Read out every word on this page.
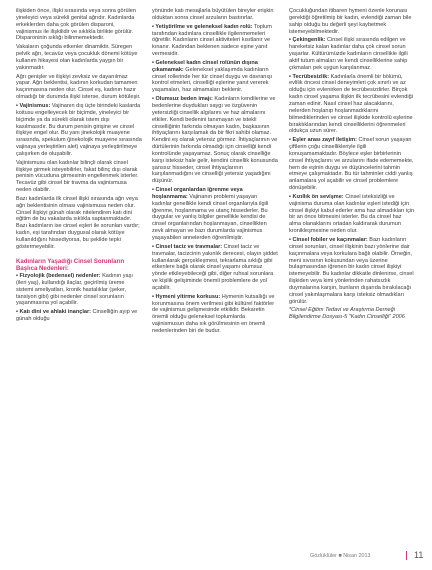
ilişkiden önce, ilişki sırasında veya sonra görülen yineleyici veya sürekli genital ağrıdır. Kadınlarda erkeklerden daha çok görülen disparoni, vajinismus ile ilişkilidir ve sıklıkla birlikte görülür. Disparoninin sıklığı bilinmemektedir.

Vakaların çoğunda etkenler dinamiktir. Süregen pelvik ağrı, tecavüz veya çocukluk dönemi kötüye kullanım hikayesi olan kadınlarda yaygın bir yakınmadır.

Ağrı genişler ve ilişkiyi zevksiz ve dayanılmaz yapar. Ağrı beklentisi, kadının korkudan tamamen kaçınmasına neden olur. Cinsel eş, kadının hazır olmadığı bir durumda ilişki isterse, durum kötüleşir.

• Vajinismus: Vajinanın dış üçte birindeki kaslarda koitusu engelleyecek bir biçimde, yineleyici bir biçimde ya da sürekli olarak istem dışı kasılmasıdır. Bu durum penisin girişine ve cinsel ilişkiye engel olur. Bu yanı jinekolojik muayene sırasında, spekulum (jinekolojik muayene sırasında vajinaya yerleştirilen alet) vajinaya yerleştirilmeye çalışırken de oluşabilir.

Vajinismusu olan kadınlar bilinçli olarak cinsel ilişkiye girmek isteyebilirler, fakat bilinç dışı olarak penisin vücuduna girmesinin engellenmek isterler. Tecavüz gibi cinsel bir travma da vajinismusa neden olabilir.

Bazı kadınlarda ilk cinsel ilişki sırasında ağrı veya ağrı beklentisinin olması vajinismusa neden olur. Cinsel ilişkiyi günah olarak nitelendiren katı dini eğitim de bu vakalarda sıklıkla saptanmaktadır. Bazı kadınların ise cinsel eşleri ile sorunları vardır; kadın, eşi tarafından duygusal olarak kötüye kullanıldığını hissediyorsa, bu şekilde tepki göstermeyebilir.

Kadınların Yaşadığı Cinsel Sorunların Başlıca Nedenleri:

• Fizyolojik (bedensel) nedenler: Kadının yaşı (ileri yaş), kullandığı ilaçlar, geçirilmiş üreme sistemi ameliyatları, kronik hastalıklar (şeker, tansiyon gibi) gibi nedenler cinsel sorunların yaşanmasına yol açabilir.

• Katı dini ve ahlaki inançlar: Cinselliğin ayıp ve günah olduğu

yönünde katı mesajlarla büyütülen bireyler erişkin olduktan sonra cinsel arzuların bastırırlar.

• Yetiştirilme ve geleneksel kadın rolü: Toplum tarafından kadınlara cinsellikle ilgilenmemeleri öğretilir. Kadınların cinsel aktiviteleri kısıtlanır ve kınanır. Kadından beklenen sadece eşine yanıt vermesidir.

• Geleneksel kadın cinsel rolünün dışına çıkamamak: Geleneksel yaklaşımda kadınların cinsel rollerinde her tür cinsel duygu ve davranışı kontrol etmeleri, cinselliği eşlerine yanıt vererek yaşamaları, haz almamaları beklenir.

• Olumsuz beden imajı: Kadınların kendilerine ve bedenlerine duydukları saygı ve özgüvenin yetersizliği cinsellik algılarını ve haz almalarını etkiler. Kendi bedenini tanımayan ve istekli cinselliğinin farkında olmayan kadın, başkasının ihtiyaçlarını karşılamak da bir fikri sahibi olamaz. Kendini eş olarak yetersiz görmez. İhtiyaçlarının ve dürtülerinin farkında olmadığı için cinselliği kendi kontrolünde yaşayamaz. Sonuç olarak cinselliğe karşı isteksiz hale gelir, kendini cinsellik konusunda şanssız hisseder, cinsel ihtiyaçlarının karşılanmadığını ve cinselliği yetersiz yaşadığını düşünür.

• Cinsel organlardan iğrenme veya hoşlanmama: Vajinanın problemi yaşayan kadınlar genellikle kendi cinsel organlarıyla ilgili iğrenme, hoşlanmama ve utanç hissederler. Bu duygular ve yanlış bilgiler genellikle kendisi de cinsel organlarından hoşlanmayan, cinsellikten zevk almayan ve bazı durumlarda vajinismus yaşayabilen annelerden öğrenilmiştir.

• Cinsel taciz ve travmalar: Cinsel taciz ve travmalar, tacizcinin yakınlık derecesi, olayın şiddet kullanılarak gerçekleşmesi, tekrarlama sıklığı gibi etkenlere bağlı olarak cinsel yaşamı olumsuz yönde etkileyebileceği gibi, diğer ruhsal sorunlara ve kişilik gelişiminde önemli problemlere de yol açabilir.

• Hymeni yitirme korkusu: Hymenin kutsallığı ve korunmasına önem verilmesi gibi kültürel faktörler de vajinismus gelişmesinde etkilidir. Bekaretin önemli olduğu geleneksel toplumlarda vajinismusun daha sık görülmesinin en önemli nedenlerinden biri de budur.

Çocukluğundan itibaren hymeni özenle korunası gerektiği öğretilmiş bir kadın, evlendiği zaman bile sahip olduğu bu değerli şeyi kaybetmek istemeyebilmektedir.

• Çekingenlik: Cinsel ilişki sırasında edilgen ve hareketsiz kalan kadınlar daha çok cinsel sorun yaşarlar. Kültürümüzde kadınların cinsellikle ilgili aktif tutum almaları ve kendi cinselliklerine sahip çıkmaları pek uygun karşılanmaz.

• Tecrübesizlik: Kadınlarla önemli bir bölümü, evlilik öncesi cinsel deneyimleri çok sınırlı ve az olduğu için evlenirken de tecrübesizdirler. Birçok kadın cinsel yaşama ilişkin ilk tecrübesini evlendiği zaman edinir. Nasıl cinsel haz alacaklarını, nelerden hoşlanıp hoşlanmadıklarını bilmediklerinden ve cinsel ilişkide kontrolü eşlerine bıraktıklarından kendi cinselliklerini öğrenmeleri oldukça uzun sürer.

• Eşler arası zayıf iletişim: Cinsel sorun yaşayan çiftlerin çoğu cinsellikleriyle ilgili konuşamamaktadır. Böylece eşler birbirlerinin cinsel ihtiyaçlarını ve arzularını ifade edememekte, hem de eşinin duygu ve düşüncelerini tahmin etmeye çalışmaktadır. Bu tür tahminler ciddi yanlış anlamalara yol açabilir ve cinsel problemlere dönüşebilir.

• Kızıllık ön sevişme: Cinsel isteksizliği ve vajinisma duruma olan kadınlar eşleri istediği için cinsel ilişkiyi kabul ederler ama haz almadıkları için bir an önce bitmesini isterler. Bu da cinsel haz alma olanaklarını ortadan kaldırarak durumun kronikleşmesine neden olur.

• Cinsel fobiler ve kaçınmalar: Bazı kadınların cinsel sorunları, cinsel ilişkinin bazı yönlerine dair kaçınmalara veya korkulara bağlı olabilir. Örneğin, meni sıvısının kokusundan veya üzerine bulaşmasından iğrenen bir kadın cinsel ilişkiyi istemeyebilir. Bu kadınlar dikkatle dinlenirse, cinsel ilişkiden veya kimi yönlerinden rahatsızlık duymalarına karşın, bunların dışarıda bırakılacağı cinsel yakınlaşmalara karşı isteksiz olmadıkları görülür.

*Cinsel Eğitim Tedavi ve Araştırma Derneği Bilgilendirme Dosyası-5 "Kadın Cinselliği" 2006

Gözlüklüler ■ Nisan 2013	11
